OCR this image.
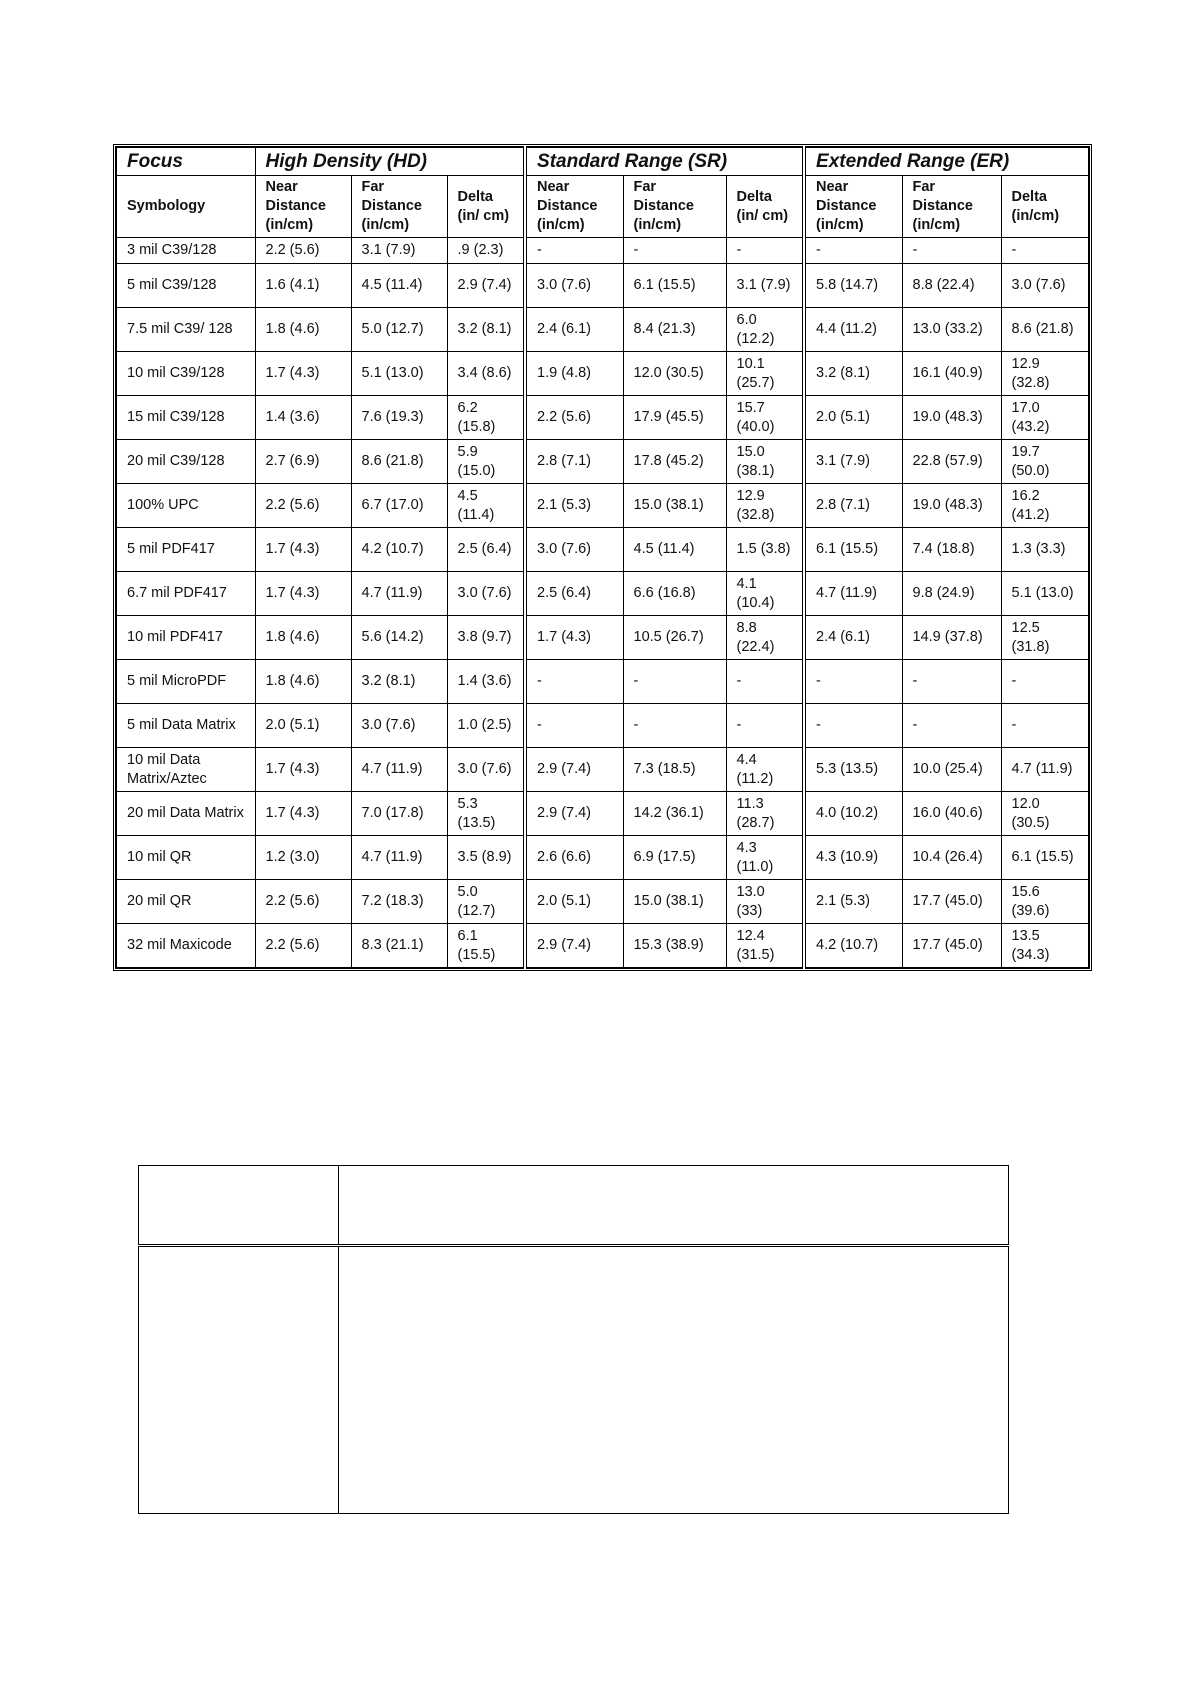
Focus	High Density (HD)			Standard Range (SR)			Extended Range (ER)		
Symbology	Near Distance (in/cm)	Far Distance (in/cm)	Delta (in/ cm)	Near Distance (in/cm)	Far Distance (in/cm)	Delta (in/ cm)	Near Distance (in/cm)	Far Distance (in/cm)	Delta (in/cm)
3 mil C39/128	2.2 (5.6)	3.1 (7.9)	.9 (2.3)	-	-	-	-	-	-
5 mil C39/128	1.6 (4.1)	4.5 (11.4)	2.9 (7.4)	3.0 (7.6)	6.1 (15.5)	3.1 (7.9)	5.8 (14.7)	8.8 (22.4)	3.0 (7.6)
7.5 mil C39/ 128	1.8 (4.6)	5.0 (12.7)	3.2 (8.1)	2.4 (6.1)	8.4 (21.3)	6.0 (12.2)	4.4 (11.2)	13.0 (33.2)	8.6 (21.8)
10 mil C39/128	1.7 (4.3)	5.1 (13.0)	3.4 (8.6)	1.9 (4.8)	12.0 (30.5)	10.1 (25.7)	3.2 (8.1)	16.1 (40.9)	12.9 (32.8)
15 mil C39/128	1.4 (3.6)	7.6 (19.3)	6.2 (15.8)	2.2 (5.6)	17.9 (45.5)	15.7 (40.0)	2.0 (5.1)	19.0 (48.3)	17.0 (43.2)
20 mil C39/128	2.7 (6.9)	8.6 (21.8)	5.9 (15.0)	2.8 (7.1)	17.8 (45.2)	15.0 (38.1)	3.1 (7.9)	22.8 (57.9)	19.7 (50.0)
100% UPC	2.2 (5.6)	6.7 (17.0)	4.5 (11.4)	2.1 (5.3)	15.0 (38.1)	12.9 (32.8)	2.8 (7.1)	19.0 (48.3)	16.2 (41.2)
5 mil PDF417	1.7 (4.3)	4.2 (10.7)	2.5 (6.4)	3.0 (7.6)	4.5 (11.4)	1.5 (3.8)	6.1 (15.5)	7.4 (18.8)	1.3 (3.3)
6.7 mil PDF417	1.7 (4.3)	4.7 (11.9)	3.0 (7.6)	2.5 (6.4)	6.6 (16.8)	4.1 (10.4)	4.7 (11.9)	9.8 (24.9)	5.1 (13.0)
10 mil PDF417	1.8 (4.6)	5.6 (14.2)	3.8 (9.7)	1.7 (4.3)	10.5 (26.7)	8.8 (22.4)	2.4 (6.1)	14.9 (37.8)	12.5 (31.8)
5 mil MicroPDF	1.8 (4.6)	3.2 (8.1)	1.4 (3.6)	-	-	-	-	-	-
5 mil Data Matrix	2.0 (5.1)	3.0 (7.6)	1.0 (2.5)	-	-	-	-	-	-
10 mil Data Matrix/Aztec	1.7 (4.3)	4.7 (11.9)	3.0 (7.6)	2.9 (7.4)	7.3 (18.5)	4.4 (11.2)	5.3 (13.5)	10.0 (25.4)	4.7 (11.9)
20 mil Data Matrix	1.7 (4.3)	7.0 (17.8)	5.3 (13.5)	2.9 (7.4)	14.2 (36.1)	11.3 (28.7)	4.0 (10.2)	16.0 (40.6)	12.0 (30.5)
10 mil QR	1.2 (3.0)	4.7 (11.9)	3.5 (8.9)	2.6 (6.6)	6.9 (17.5)	4.3 (11.0)	4.3 (10.9)	10.4 (26.4)	6.1 (15.5)
20 mil QR	2.2 (5.6)	7.2 (18.3)	5.0 (12.7)	2.0 (5.1)	15.0 (38.1)	13.0 (33)	2.1 (5.3)	17.7 (45.0)	15.6 (39.6)
32 mil Maxicode	2.2 (5.6)	8.3 (21.1)	6.1 (15.5)	2.9 (7.4)	15.3 (38.9)	12.4 (31.5)	4.2 (10.7)	17.7 (45.0)	13.5 (34.3)
